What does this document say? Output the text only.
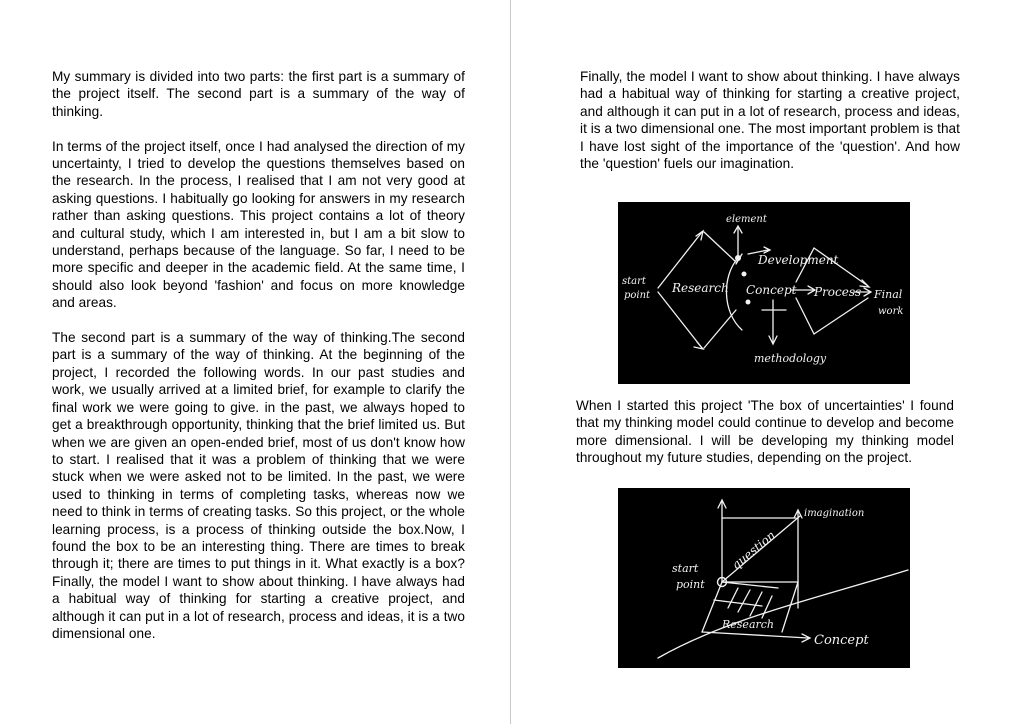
My summary is divided into two parts: the first part is a summary of the project itself. The second part is a summary of the way of thinking.

In terms of the project itself, once I had analysed the direction of my uncertainty, I tried to develop the questions themselves based on the research. In the process, I realised that I am not very good at asking questions. I habitually go looking for answers in my research rather than asking questions. This project contains a lot of theory and cultural study, which I am interested in, but I am a bit slow to understand, perhaps because of the language. So far, I need to be more specific and deeper in the academic field. At the same time, I should also look beyond 'fashion' and focus on more knowledge and areas.

The second part is a summary of the way of thinking.The second part is a summary of the way of thinking. At the beginning of the project, I recorded the following words. In our past studies and work, we usually arrived at a limited brief, for example to clarify the final work we were going to give. in the past, we always hoped to get a breakthrough opportunity, thinking that the brief limited us. But when we are given an open-ended brief, most of us don't know how to start. I realised that it was a problem of thinking that we were stuck when we were asked not to be limited. In the past, we were used to thinking in terms of completing tasks, whereas now we need to think in terms of creating tasks. So this project, or the whole learning process, is a process of thinking outside the box.Now, I found the box to be an interesting thing. There are times to break through it; there are times to put things in it. What exactly is a box?Finally, the model I want to show about thinking. I have always had a habitual way of thinking for starting a creative project, and although it can put in a lot of research, process and ideas, it is a two dimensional one.

Finally, the model I want to show about thinking. I have always had a habitual way of thinking for starting a creative project, and although it can put in a lot of research, process and ideas, it is a two dimensional one. The most important problem is that I have lost sight of the importance of the 'question'. And how the 'question' fuels our imagination.

start
point
Research
element
Development
Concept Process Final
work
methodology

When I started this project 'The box of uncertainties' I found that my thinking model could continue to develop and become more dimensional. I will be developing my thinking model throughout my future studies, depending on the project.

start
point
question
imagination
Research
Concept
